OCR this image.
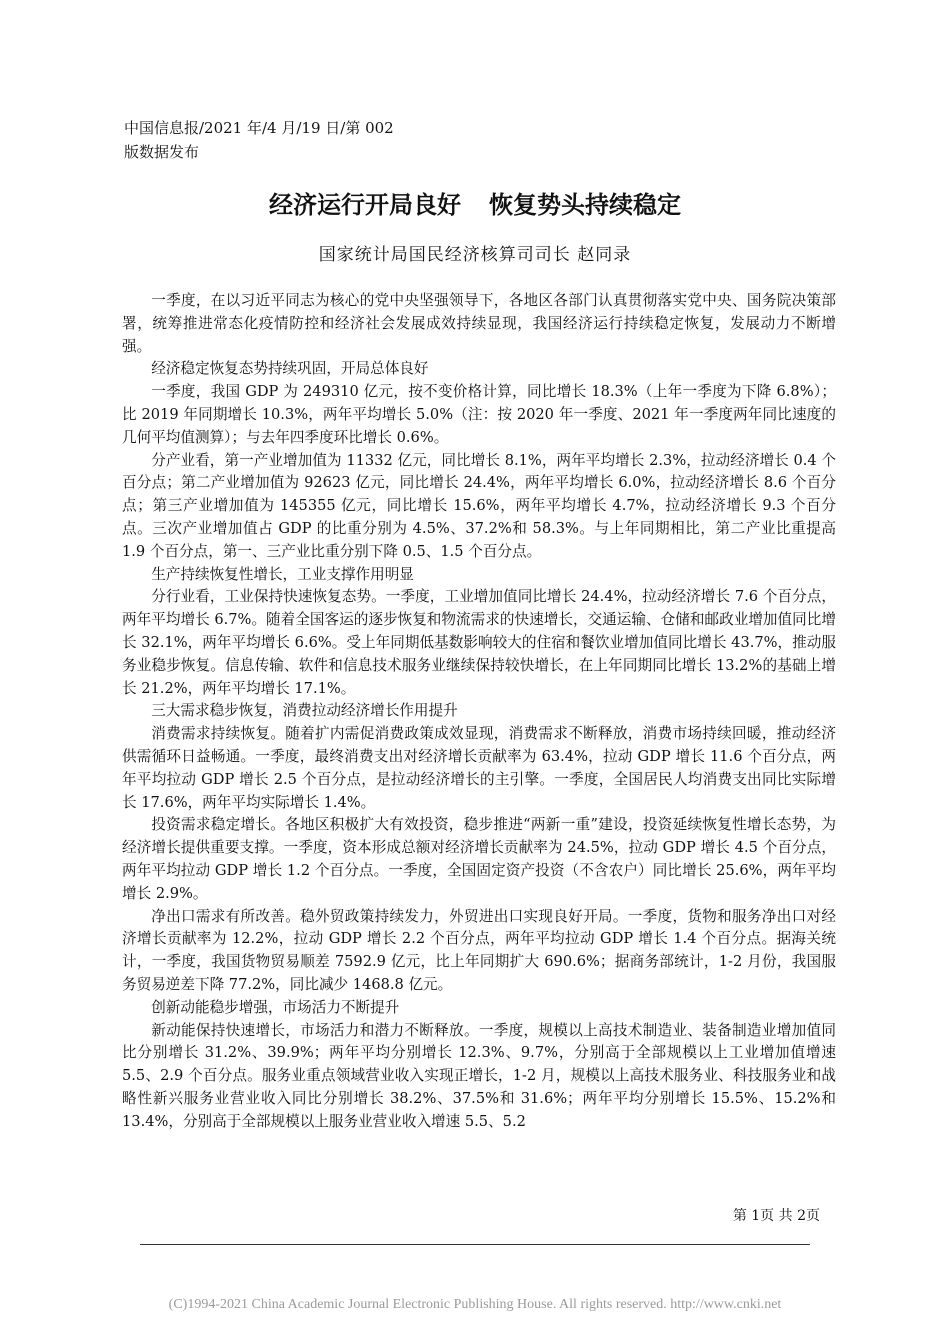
中国信息报/2021 年/4 月/19 日/第 002
版数据发布
经济运行开局良好 恢复势头持续稳定
国家统计局国民经济核算司司长 赵同录

一季度，在以习近平同志为核心的党中央坚强领导下，各地区各部门认真贯彻落实党中央、国务院决策部署，统筹推进常态化疫情防控和经济社会发展成效持续显现，我国经济运行持续稳定恢复，发展动力不断增强。

经济稳定恢复态势持续巩固，开局总体良好

一季度，我国 GDP 为 249310 亿元，按不变价格计算，同比增长 18.3%（上年一季度为下降 6.8%）；比 2019 年同期增长 10.3%，两年平均增长 5.0%（注：按 2020 年一季度、2021 年一季度两年同比速度的几何平均值测算）；与去年四季度环比增长 0.6%。

分产业看，第一产业增加值为 11332 亿元，同比增长 8.1%，两年平均增长 2.3%，拉动经济增长 0.4 个百分点；第二产业增加值为 92623 亿元，同比增长 24.4%，两年平均增长 6.0%，拉动经济增长 8.6 个百分点；第三产业增加值为 145355 亿元，同比增长 15.6%，两年平均增长 4.7%，拉动经济增长 9.3 个百分点。三次产业增加值占 GDP 的比重分别为 4.5%、37.2%和 58.3%。与上年同期相比，第二产业比重提高 1.9 个百分点，第一、三产业比重分别下降 0.5、1.5 个百分点。

生产持续恢复性增长，工业支撑作用明显

分行业看，工业保持快速恢复态势。一季度，工业增加值同比增长 24.4%，拉动经济增长 7.6 个百分点，两年平均增长 6.7%。随着全国客运的逐步恢复和物流需求的快速增长，交通运输、仓储和邮政业增加值同比增长 32.1%，两年平均增长 6.6%。受上年同期低基数影响较大的住宿和餐饮业增加值同比增长 43.7%，推动服务业稳步恢复。信息传输、软件和信息技术服务业继续保持较快增长，在上年同期同比增长 13.2%的基础上增长 21.2%，两年平均增长 17.1%。

三大需求稳步恢复，消费拉动经济增长作用提升

消费需求持续恢复。随着扩内需促消费政策成效显现，消费需求不断释放，消费市场持续回暖，推动经济供需循环日益畅通。一季度，最终消费支出对经济增长贡献率为 63.4%，拉动 GDP 增长 11.6 个百分点，两年平均拉动 GDP 增长 2.5 个百分点，是拉动经济增长的主引擎。一季度，全国居民人均消费支出同比实际增长 17.6%，两年平均实际增长 1.4%。

投资需求稳定增长。各地区积极扩大有效投资，稳步推进“两新一重”建设，投资延续恢复性增长态势，为经济增长提供重要支撑。一季度，资本形成总额对经济增长贡献率为 24.5%，拉动 GDP 增长 4.5 个百分点，两年平均拉动 GDP 增长 1.2 个百分点。一季度，全国固定资产投资（不含农户）同比增长 25.6%，两年平均增长 2.9%。

净出口需求有所改善。稳外贸政策持续发力，外贸进出口实现良好开局。一季度，货物和服务净出口对经济增长贡献率为 12.2%，拉动 GDP 增长 2.2 个百分点，两年平均拉动 GDP 增长 1.4 个百分点。据海关统计，一季度，我国货物贸易顺差 7592.9 亿元，比上年同期扩大 690.6%；据商务部统计，1-2 月份，我国服务贸易逆差下降 77.2%，同比减少 1468.8 亿元。

创新动能稳步增强，市场活力不断提升

新动能保持快速增长，市场活力和潜力不断释放。一季度，规模以上高技术制造业、装备制造业增加值同比分别增长 31.2%、39.9%；两年平均分别增长 12.3%、9.7%，分别高于全部规模以上工业增加值增速 5.5、2.9 个百分点。服务业重点领域营业收入实现正增长，1-2 月，规模以上高技术服务业、科技服务业和战略性新兴服务业营业收入同比分别增长 38.2%、37.5%和 31.6%；两年平均分别增长 15.5%、15.2%和 13.4%，分别高于全部规模以上服务业营业收入增速 5.5、5.2

第 1页 共 2页
(C)1994-2021 China Academic Journal Electronic Publishing House. All rights reserved. http://www.cnki.net
